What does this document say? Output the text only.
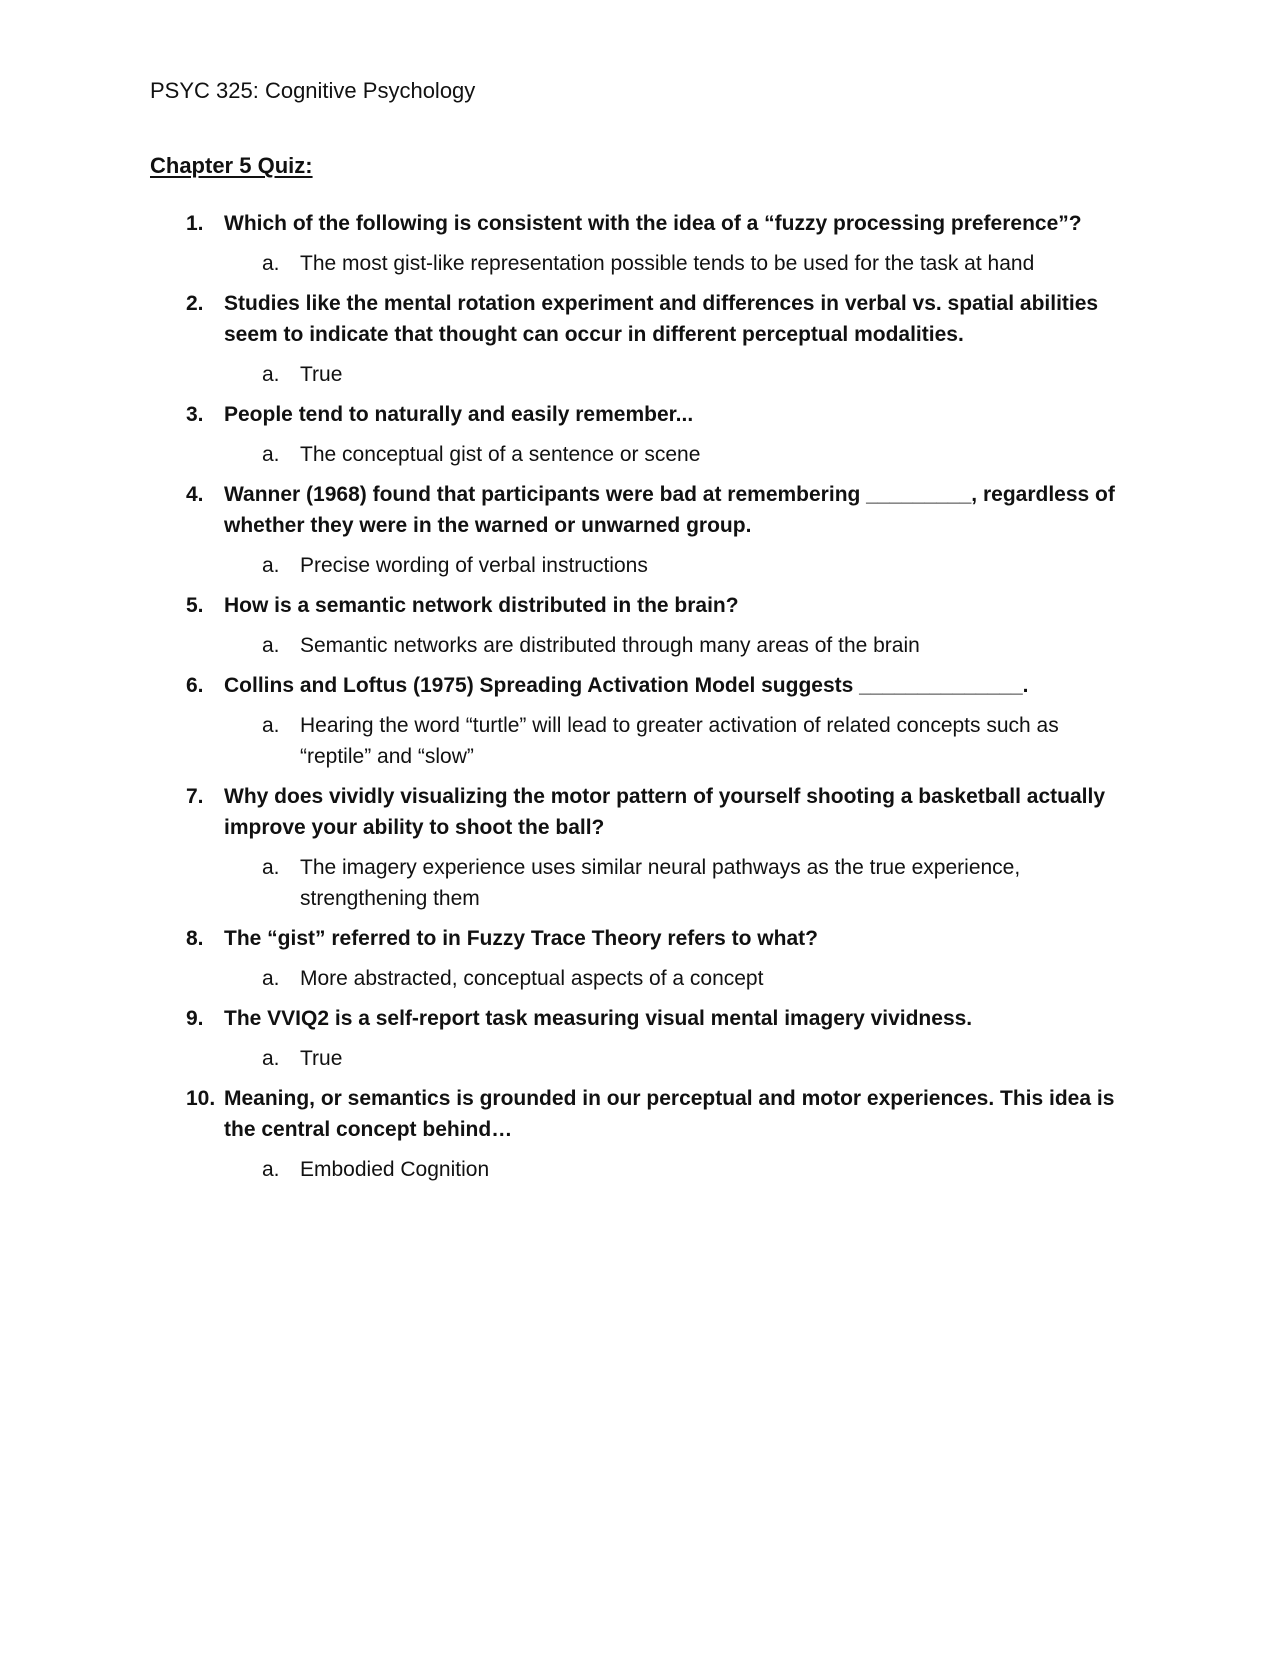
PSYC 325: Cognitive Psychology
Chapter 5 Quiz:
1. Which of the following is consistent with the idea of a “fuzzy processing preference”?
a. The most gist-like representation possible tends to be used for the task at hand
2. Studies like the mental rotation experiment and differences in verbal vs. spatial abilities seem to indicate that thought can occur in different perceptual modalities.
a. True
3. People tend to naturally and easily remember...
a. The conceptual gist of a sentence or scene
4. Wanner (1968) found that participants were bad at remembering _________, regardless of whether they were in the warned or unwarned group.
a. Precise wording of verbal instructions
5. How is a semantic network distributed in the brain?
a. Semantic networks are distributed through many areas of the brain
6. Collins and Loftus (1975) Spreading Activation Model suggests ______________.
a. Hearing the word “turtle” will lead to greater activation of related concepts such as “reptile” and “slow”
7. Why does vividly visualizing the motor pattern of yourself shooting a basketball actually improve your ability to shoot the ball?
a. The imagery experience uses similar neural pathways as the true experience, strengthening them
8. The “gist” referred to in Fuzzy Trace Theory refers to what?
a. More abstracted, conceptual aspects of a concept
9. The VVIQ2 is a self-report task measuring visual mental imagery vividness.
a. True
10. Meaning, or semantics is grounded in our perceptual and motor experiences. This idea is the central concept behind…
a. Embodied Cognition
